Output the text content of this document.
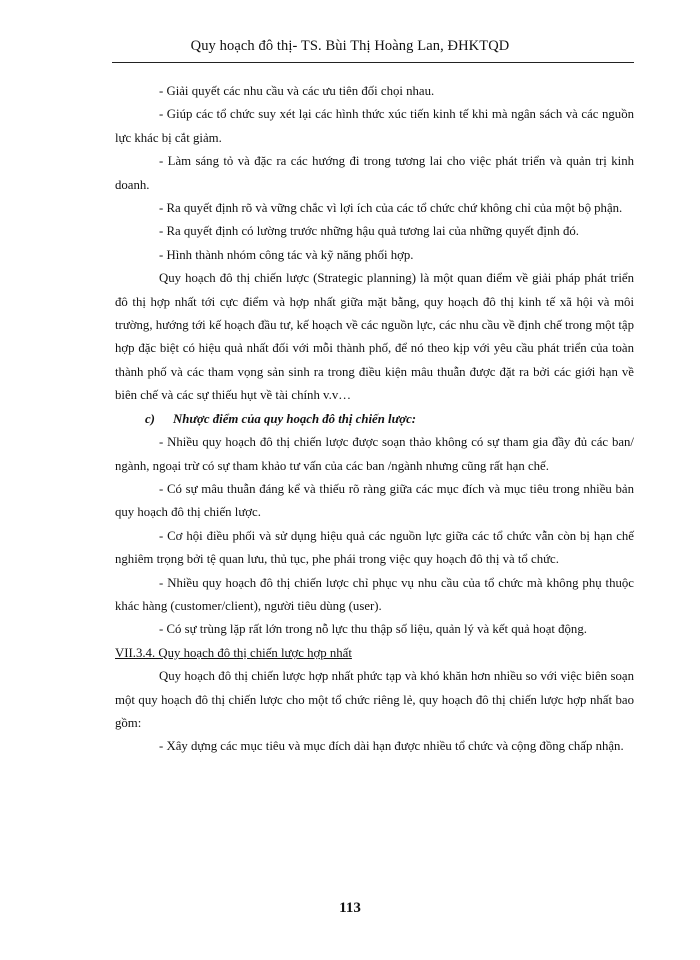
Quy hoạch đô thị- TS. Bùi Thị Hoàng Lan, ĐHKTQD

- Giải quyết các nhu cầu và các ưu tiên đối chọi nhau.

- Giúp các tổ chức suy xét lại các hình thức xúc tiến kinh tế khi mà ngân sách và các nguồn lực khác bị cắt giảm.

- Làm sáng tỏ và đặc ra các hướng đi trong tương lai cho việc phát triển và quản trị kinh doanh.

- Ra quyết định rõ và vững chắc vì lợi ích của các tổ chức chứ không chỉ của một bộ phận.

- Ra quyết định có lường trước những hậu quả tương lai của những quyết định đó.

- Hình thành nhóm công tác và kỹ năng phối hợp.

Quy hoạch đô thị chiến lược (Strategic planning) là một quan điểm về giải pháp phát triển đô thị hợp nhất tới cực điểm và hợp nhất giữa mặt bằng, quy hoạch đô thị kinh tế xã hội và môi trường, hướng tới kế hoạch đầu tư, kế hoạch về các nguồn lực, các nhu cầu về định chế trong một tập hợp đặc biệt có hiệu quả nhất đối với mỗi thành phố, để nó theo kịp với yêu cầu phát triển của toàn thành phố và các tham vọng sản sinh ra trong điều kiện mâu thuẫn được đặt ra bởi các giới hạn về biên chế và các sự thiếu hụt về tài chính v.v…

c) Nhược điểm của quy hoạch đô thị chiến lược:

- Nhiều quy hoạch đô thị chiến lược được soạn thảo không có sự tham gia đầy đủ các ban/ ngành, ngoại trừ có sự tham khảo tư vấn của các ban /ngành nhưng cũng rất hạn chế.

- Có sự mâu thuẫn đáng kể và thiếu rõ ràng giữa các mục đích và mục tiêu trong nhiều bản quy hoạch đô thị chiến lược.

- Cơ hội điều phối và sử dụng hiệu quả các nguồn lực giữa các tổ chức vẫn còn bị hạn chế nghiêm trọng bởi tệ quan lưu, thủ tục, phe phái trong việc quy hoạch đô thị và tổ chức.

- Nhiều quy hoạch đô thị chiến lược chỉ phục vụ nhu cầu của tổ chức mà không phụ thuộc khác hàng (customer/client), người tiêu dùng (user).

- Có sự trùng lặp rất lớn trong nỗ lực thu thập số liệu, quản lý và kết quả hoạt động.

VII.3.4. Quy hoạch đô thị chiến lược hợp nhất

Quy hoạch đô thị chiến lược hợp nhất phức tạp và khó khăn hơn nhiều so với việc biên soạn một quy hoạch đô thị chiến lược cho một tổ chức riêng lẻ, quy hoạch đô thị chiến lược hợp nhất bao gồm:

- Xây dựng các mục tiêu và mục đích dài hạn được nhiều tổ chức và cộng đồng chấp nhận.

113
